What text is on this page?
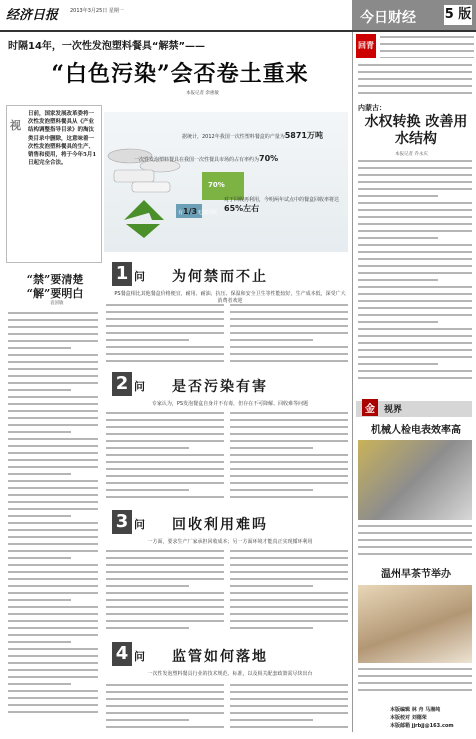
经济日报 2013年3月25日 星期一	今日财经 5 版
时隔14年，一次性发泡塑料餐具“解禁”——
“白色污染”会否卷土重来
本报记者 余惠敏
视
日前，国家发展改革委将一次性发泡塑料餐具从《产业结构调整指导目录》的淘汰类目录中删除，这意味着一次性发泡塑料餐具的生产、销售和使用，将于今年5月1日起完全合法。
“禁”要清楚 “解”要明白
袁国敏
据统计，2012年我国一次性塑料餐盒的产量为5871万吨
一次性发泡塑料餐具在我国一次性餐具市场的占有率约为70%
70%
对于回收再利用，今明两年试点中的餐盒回收率将达65%左右
有1/3无法回收
1 问 为何禁而不止
PS餐盒相比其他餐盒价格便宜，耐用、耐油、抗压、保温和安全卫生等性能较好，生产成本低，深受广大消费者欢迎
2 问 是否污染有害
专家认为，PS发泡餐盒自身并不有毒，但存在不可降解、回收难等问题
3 问 回收利用难吗
一方面，要求生产厂家承担回收成本；另一方面环境才能真正实现循环利用
4 问 监管如何落地
一次性发泡塑料餐具行业的技术规范、标准，以及相关配套政策需尽快出台
回青
内蒙古：
水权转换 改善用水结构
本报记者 乔永庆
金	视界
机械人检电表效率高
温州早茶节举办
本版编辑 林 舟 马湘纯
本版校对 刘德荣
本版邮箱 jjrbjj@163.com
